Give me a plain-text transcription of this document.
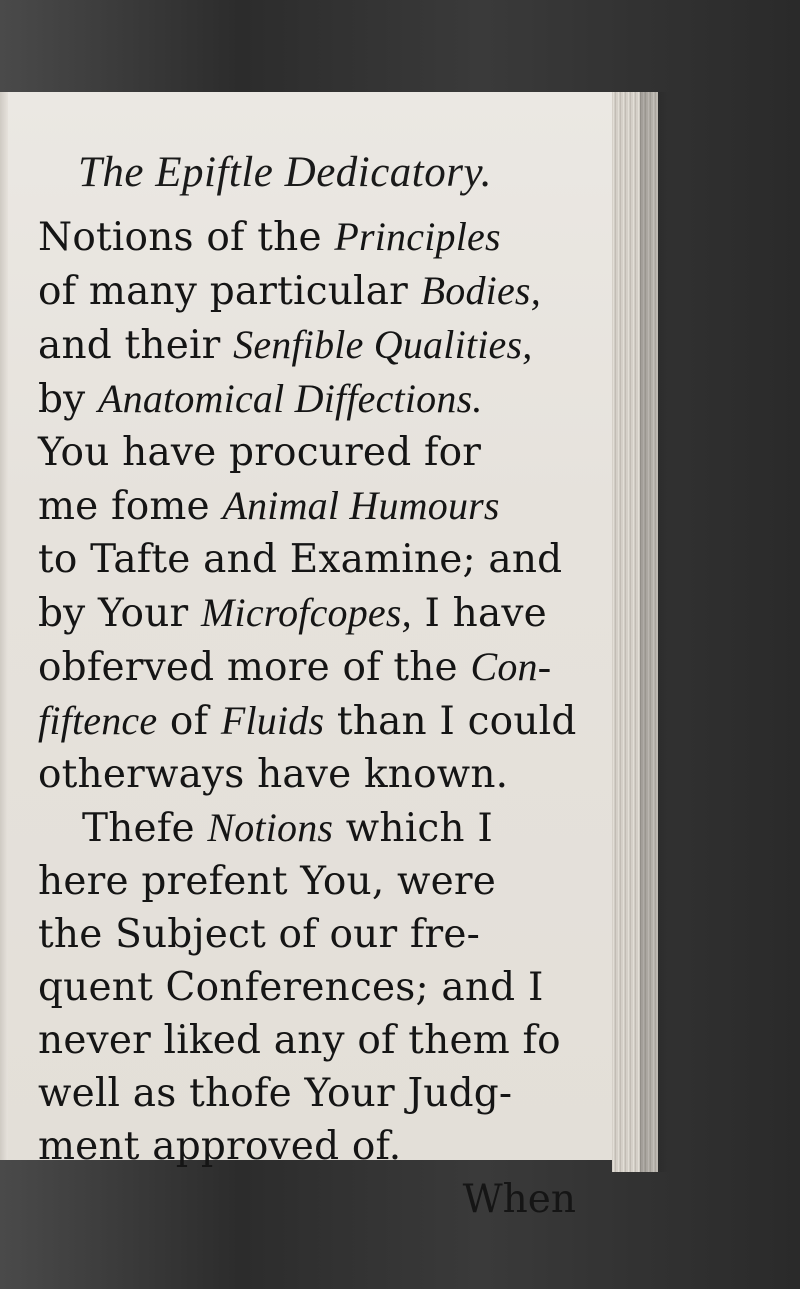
The Epiftle Dedicatory.
Notions of the Principles
of many particular Bodies,
and their Senfible Qualities,
by Anatomical Diffections.
You have procured for
me fome Animal Humours
to Tafte and Examine; and
by Your Microfcopes, I have
obferved more of the Con-
fiftence of Fluids than I could
otherways have known.
Thefe Notions which I
here prefent You, were
the Subject of our fre-
quent Conferences; and I
never liked any of them fo
well as thofe Your Judg-
ment approved of.
When
